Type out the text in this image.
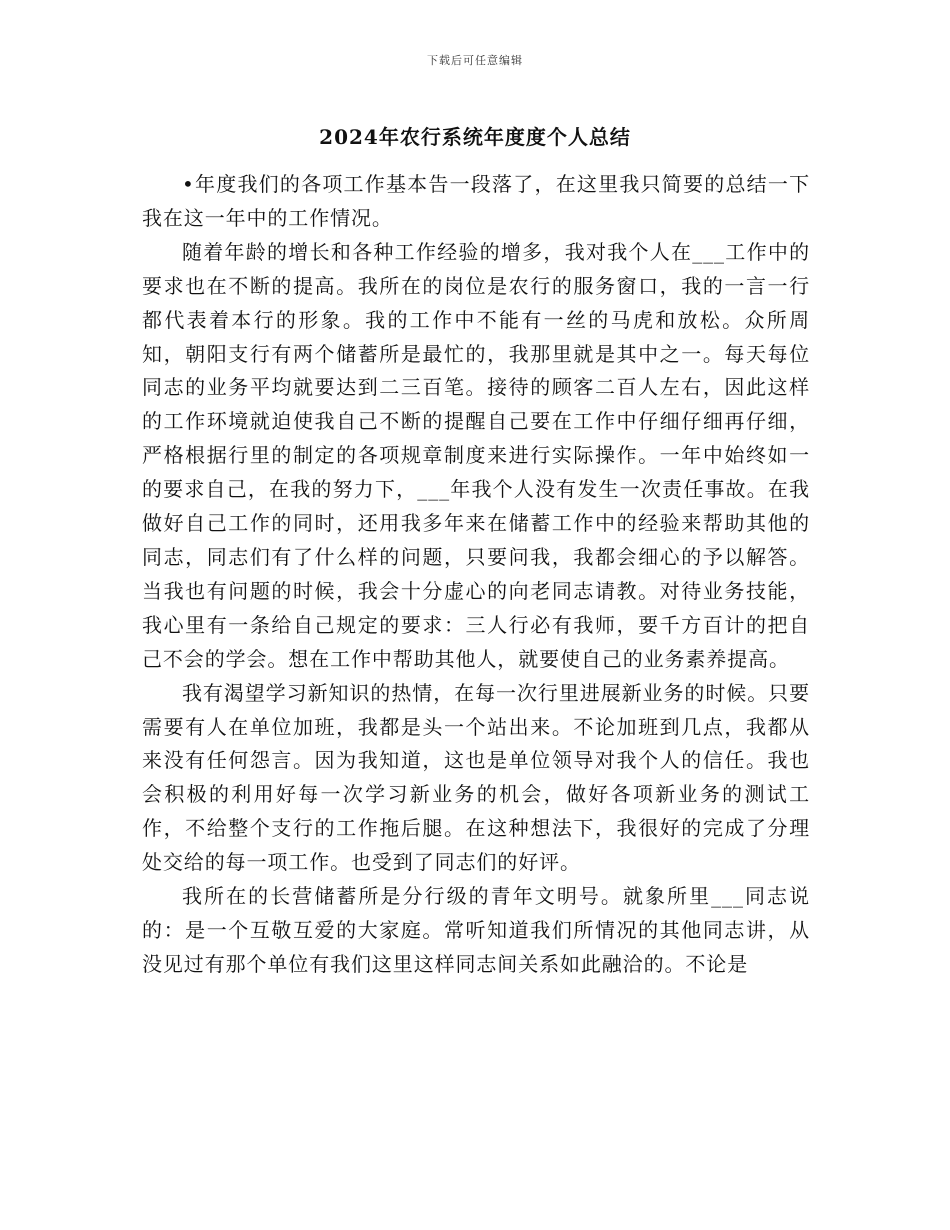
下载后可任意编辑
2024年农行系统年度度个人总结

•年度我们的各项工作基本告一段落了，在这里我只简要的总结一下我在这一年中的工作情况。

随着年龄的增长和各种工作经验的增多，我对我个人在___工作中的要求也在不断的提高。我所在的岗位是农行的服务窗口，我的一言一行都代表着本行的形象。我的工作中不能有一丝的马虎和放松。众所周知，朝阳支行有两个储蓄所是最忙的，我那里就是其中之一。每天每位同志的业务平均就要达到二三百笔。接待的顾客二百人左右，因此这样的工作环境就迫使我自己不断的提醒自己要在工作中仔细仔细再仔细，严格根据行里的制定的各项规章制度来进行实际操作。一年中始终如一的要求自己，在我的努力下，___年我个人没有发生一次责任事故。在我做好自己工作的同时，还用我多年来在储蓄工作中的经验来帮助其他的同志，同志们有了什么样的问题，只要问我，我都会细心的予以解答。当我也有问题的时候，我会十分虚心的向老同志请教。对待业务技能，我心里有一条给自己规定的要求：三人行必有我师，要千方百计的把自己不会的学会。想在工作中帮助其他人，就要使自己的业务素养提高。

我有渴望学习新知识的热情，在每一次行里进展新业务的时候。只要需要有人在单位加班，我都是头一个站出来。不论加班到几点，我都从来没有任何怨言。因为我知道，这也是单位领导对我个人的信任。我也会积极的利用好每一次学习新业务的机会，做好各项新业务的测试工作，不给整个支行的工作拖后腿。在这种想法下，我很好的完成了分理处交给的每一项工作。也受到了同志们的好评。

我所在的长营储蓄所是分行级的青年文明号。就象所里___同志说的：是一个互敬互爱的大家庭。常听知道我们所情况的其他同志讲，从没见过有那个单位有我们这里这样同志间关系如此融洽的。不论是
